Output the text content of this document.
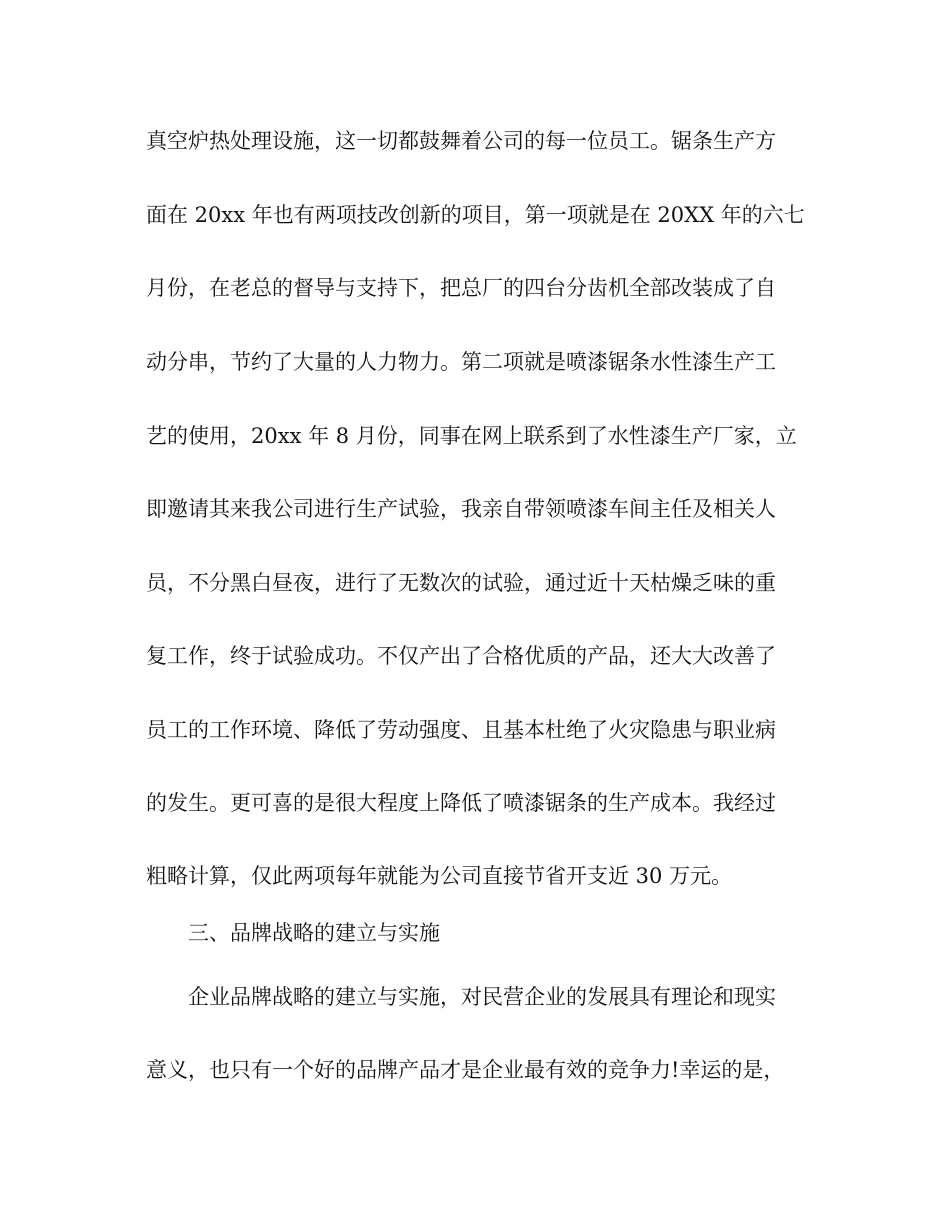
真空炉热处理设施，这一切都鼓舞着公司的每一位员工。锯条生产方
面在 20xx 年也有两项技改创新的项目，第一项就是在 20XX 年的六七
月份，在老总的督导与支持下，把总厂的四台分齿机全部改装成了自
动分串，节约了大量的人力物力。第二项就是喷漆锯条水性漆生产工
艺的使用，20xx 年 8 月份，同事在网上联系到了水性漆生产厂家，立
即邀请其来我公司进行生产试验，我亲自带领喷漆车间主任及相关人
员，不分黑白昼夜，进行了无数次的试验，通过近十天枯燥乏味的重
复工作，终于试验成功。不仅产出了合格优质的产品，还大大改善了
员工的工作环境、降低了劳动强度、且基本杜绝了火灾隐患与职业病
的发生。更可喜的是很大程度上降低了喷漆锯条的生产成本。我经过
粗略计算，仅此两项每年就能为公司直接节省开支近 30 万元。
三、品牌战略的建立与实施
企业品牌战略的建立与实施，对民营企业的发展具有理论和现实
意义，也只有一个好的品牌产品才是企业最有效的竞争力!幸运的是，
